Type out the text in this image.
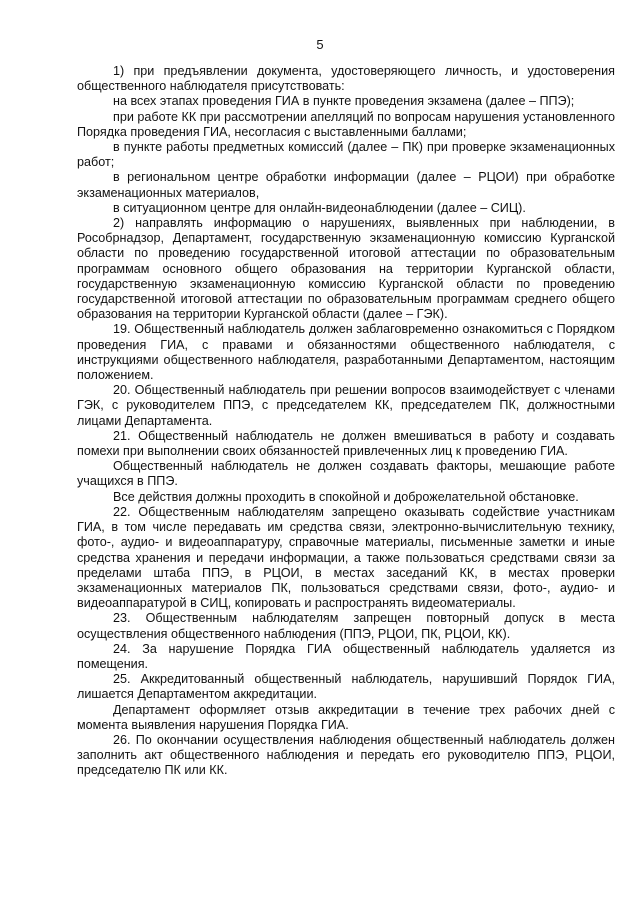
5

1) при предъявлении документа, удостоверяющего личность, и удостоверения общественного наблюдателя присутствовать:

на всех этапах проведения ГИА в пункте проведения экзамена (далее – ППЭ);

при работе КК при рассмотрении апелляций по вопросам нарушения установленного Порядка проведения ГИА, несогласия с выставленными баллами;

в пункте работы предметных комиссий (далее – ПК) при проверке экзаменационных работ;

в региональном центре обработки информации (далее – РЦОИ) при обработке экзаменационных материалов,

в ситуационном центре для онлайн-видеонаблюдении (далее – СИЦ).

2) направлять информацию о нарушениях, выявленных при наблюдении, в Рособрнадзор, Департамент, государственную экзаменационную комиссию Курганской области по проведению государственной итоговой аттестации по образовательным программам основного общего образования на территории Курганской области, государственную экзаменационную комиссию Курганской области по проведению государственной итоговой аттестации по образовательным программам среднего общего образования на территории Курганской области (далее – ГЭК).

19. Общественный наблюдатель должен заблаговременно ознакомиться с Порядком проведения ГИА, с правами и обязанностями общественного наблюдателя, с инструкциями общественного наблюдателя, разработанными Департаментом, настоящим положением.

20. Общественный наблюдатель при решении вопросов взаимодействует с членами ГЭК, с руководителем ППЭ, с председателем КК, председателем ПК, должностными лицами Департамента.

21. Общественный наблюдатель не должен вмешиваться в работу и создавать помехи при выполнении своих обязанностей привлеченных лиц к проведению ГИА.

Общественный наблюдатель не должен создавать факторы, мешающие работе учащихся в ППЭ.

Все действия должны проходить в спокойной и доброжелательной обстановке.

22. Общественным наблюдателям запрещено оказывать содействие участникам ГИА, в том числе передавать им средства связи, электронно-вычислительную технику, фото-, аудио- и видеоаппаратуру, справочные материалы, письменные заметки и иные средства хранения и передачи информации, а также пользоваться средствами связи за пределами штаба ППЭ, в РЦОИ, в местах заседаний КК, в местах проверки экзаменационных материалов ПК, пользоваться средствами связи, фото-, аудио- и видеоаппаратурой в СИЦ, копировать и распространять видеоматериалы.

23. Общественным наблюдателям запрещен повторный допуск в места осуществления общественного наблюдения (ППЭ, РЦОИ, ПК, РЦОИ, КК).

24. За нарушение Порядка ГИА общественный наблюдатель удаляется из помещения.

25. Аккредитованный общественный наблюдатель, нарушивший Порядок ГИА, лишается Департаментом аккредитации.

Департамент оформляет отзыв аккредитации в течение трех рабочих дней с момента выявления нарушения Порядка ГИА.

26. По окончании осуществления наблюдения общественный наблюдатель должен заполнить акт общественного наблюдения и передать его руководителю ППЭ, РЦОИ, председателю ПК или КК.
